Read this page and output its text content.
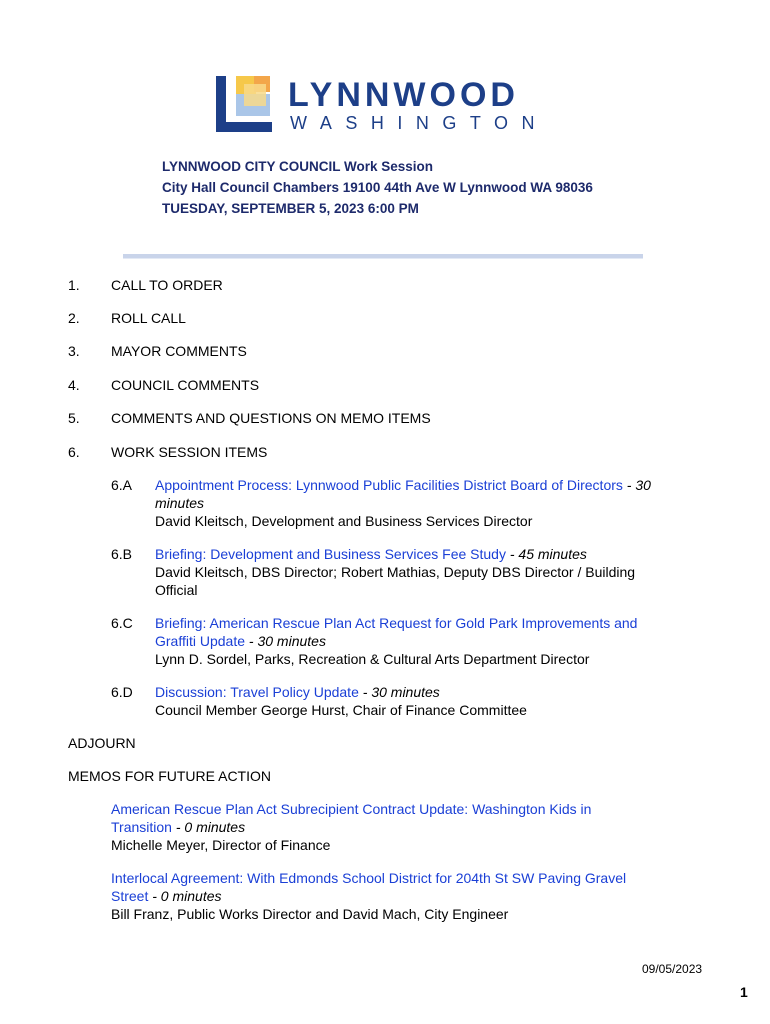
LYNNWOOD
WASHINGTON
LYNNWOOD CITY COUNCIL Work Session
City Hall Council Chambers 19100 44th Ave W Lynnwood WA 98036
TUESDAY, SEPTEMBER 5, 2023 6:00 PM
1. CALL TO ORDER
2. ROLL CALL
3. MAYOR COMMENTS
4. COUNCIL COMMENTS
5. COMMENTS AND QUESTIONS ON MEMO ITEMS
6. WORK SESSION ITEMS
6.A Appointment Process: Lynnwood Public Facilities District Board of Directors - 30
minutes
David Kleitsch, Development and Business Services Director
6.B Briefing: Development and Business Services Fee Study - 45 minutes
David Kleitsch, DBS Director; Robert Mathias, Deputy DBS Director / Building
Official
6.C Briefing: American Rescue Plan Act Request for Gold Park Improvements and
Graffiti Update - 30 minutes
Lynn D. Sordel, Parks, Recreation & Cultural Arts Department Director
6.D Discussion: Travel Policy Update - 30 minutes
Council Member George Hurst, Chair of Finance Committee
ADJOURN
MEMOS FOR FUTURE ACTION
American Rescue Plan Act Subrecipient Contract Update: Washington Kids in
Transition - 0 minutes
Michelle Meyer, Director of Finance
Interlocal Agreement: With Edmonds School District for 204th St SW Paving Gravel
Street - 0 minutes
Bill Franz, Public Works Director and David Mach, City Engineer
09/05/2023
1
